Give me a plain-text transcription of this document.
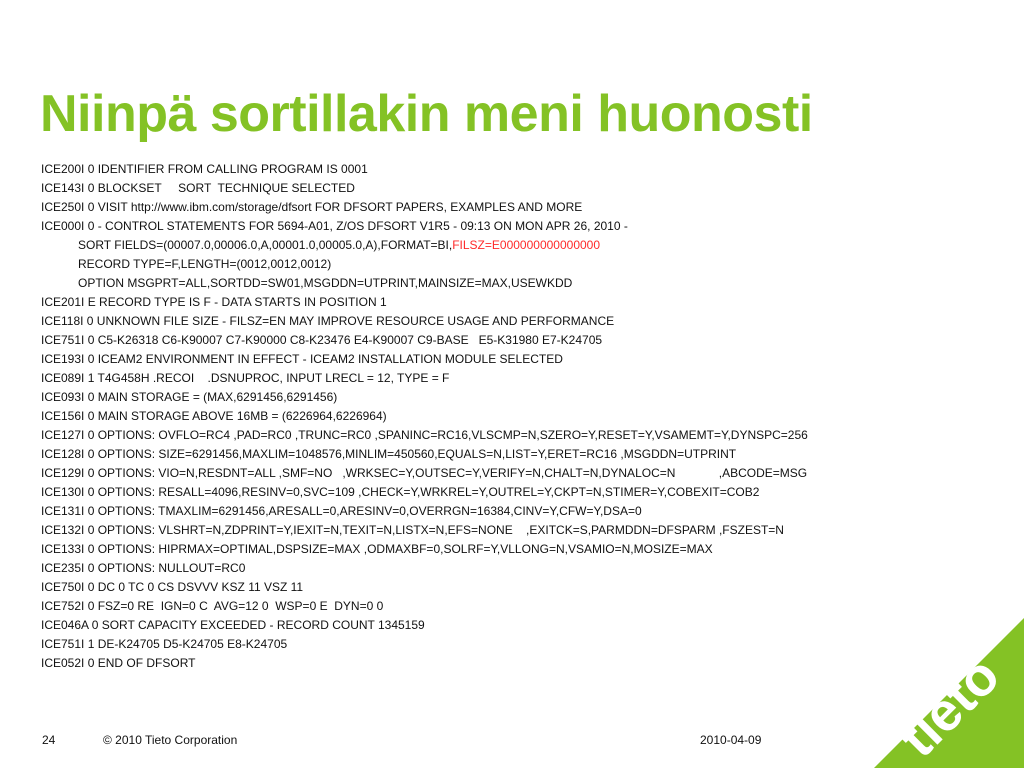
Niinpä sortillakin meni huonosti
ICE200I 0 IDENTIFIER FROM CALLING PROGRAM IS 0001
ICE143I 0 BLOCKSET     SORT  TECHNIQUE SELECTED
ICE250I 0 VISIT http://www.ibm.com/storage/dfsort FOR DFSORT PAPERS, EXAMPLES AND MORE
ICE000I 0 - CONTROL STATEMENTS FOR 5694-A01, Z/OS DFSORT V1R5 - 09:13 ON MON APR 26, 2010 -
SORT FIELDS=(00007.0,00006.0,A,00001.0,00005.0,A),FORMAT=BI,FILSZ=E000000000000000
RECORD TYPE=F,LENGTH=(0012,0012,0012)
OPTION MSGPRT=ALL,SORTDD=SW01,MSGDDN=UTPRINT,MAINSIZE=MAX,USEWKDD
ICE201I E RECORD TYPE IS F - DATA STARTS IN POSITION 1
ICE118I 0 UNKNOWN FILE SIZE - FILSZ=EN MAY IMPROVE RESOURCE USAGE AND PERFORMANCE
ICE751I 0 C5-K26318 C6-K90007 C7-K90000 C8-K23476 E4-K90007 C9-BASE   E5-K31980 E7-K24705
ICE193I 0 ICEAM2 ENVIRONMENT IN EFFECT - ICEAM2 INSTALLATION MODULE SELECTED
ICE089I 1 T4G458H .RECOI    .DSNUPROC, INPUT LRECL = 12, TYPE = F
ICE093I 0 MAIN STORAGE = (MAX,6291456,6291456)
ICE156I 0 MAIN STORAGE ABOVE 16MB = (6226964,6226964)
ICE127I 0 OPTIONS: OVFLO=RC4 ,PAD=RC0 ,TRUNC=RC0 ,SPANINC=RC16,VLSCMP=N,SZERO=Y,RESET=Y,VSAMEMT=Y,DYNSPC=256
ICE128I 0 OPTIONS: SIZE=6291456,MAXLIM=1048576,MINLIM=450560,EQUALS=N,LIST=Y,ERET=RC16 ,MSGDDN=UTPRINT
ICE129I 0 OPTIONS: VIO=N,RESDNT=ALL ,SMF=NO   ,WRKSEC=Y,OUTSEC=Y,VERIFY=N,CHALT=N,DYNALOC=N             ,ABCODE=MSG
ICE130I 0 OPTIONS: RESALL=4096,RESINV=0,SVC=109 ,CHECK=Y,WRKREL=Y,OUTREL=Y,CKPT=N,STIMER=Y,COBEXIT=COB2
ICE131I 0 OPTIONS: TMAXLIM=6291456,ARESALL=0,ARESINV=0,OVERRGN=16384,CINV=Y,CFW=Y,DSA=0
ICE132I 0 OPTIONS: VLSHRT=N,ZDPRINT=Y,IEXIT=N,TEXIT=N,LISTX=N,EFS=NONE    ,EXITCK=S,PARMDDN=DFSPARM ,FSZEST=N
ICE133I 0 OPTIONS: HIPRMAX=OPTIMAL,DSPSIZE=MAX ,ODMAXBF=0,SOLRF=Y,VLLONG=N,VSAMIO=N,MOSIZE=MAX
ICE235I 0 OPTIONS: NULLOUT=RC0
ICE750I 0 DC 0 TC 0 CS DSVVV KSZ 11 VSZ 11
ICE752I 0 FSZ=0 RE  IGN=0 C  AVG=12 0  WSP=0 E  DYN=0 0
ICE046A 0 SORT CAPACITY EXCEEDED - RECORD COUNT 1345159
ICE751I 1 DE-K24705 D5-K24705 E8-K24705
ICE052I 0 END OF DFSORT
24	© 2010 Tieto Corporation	2010-04-09 tieto
